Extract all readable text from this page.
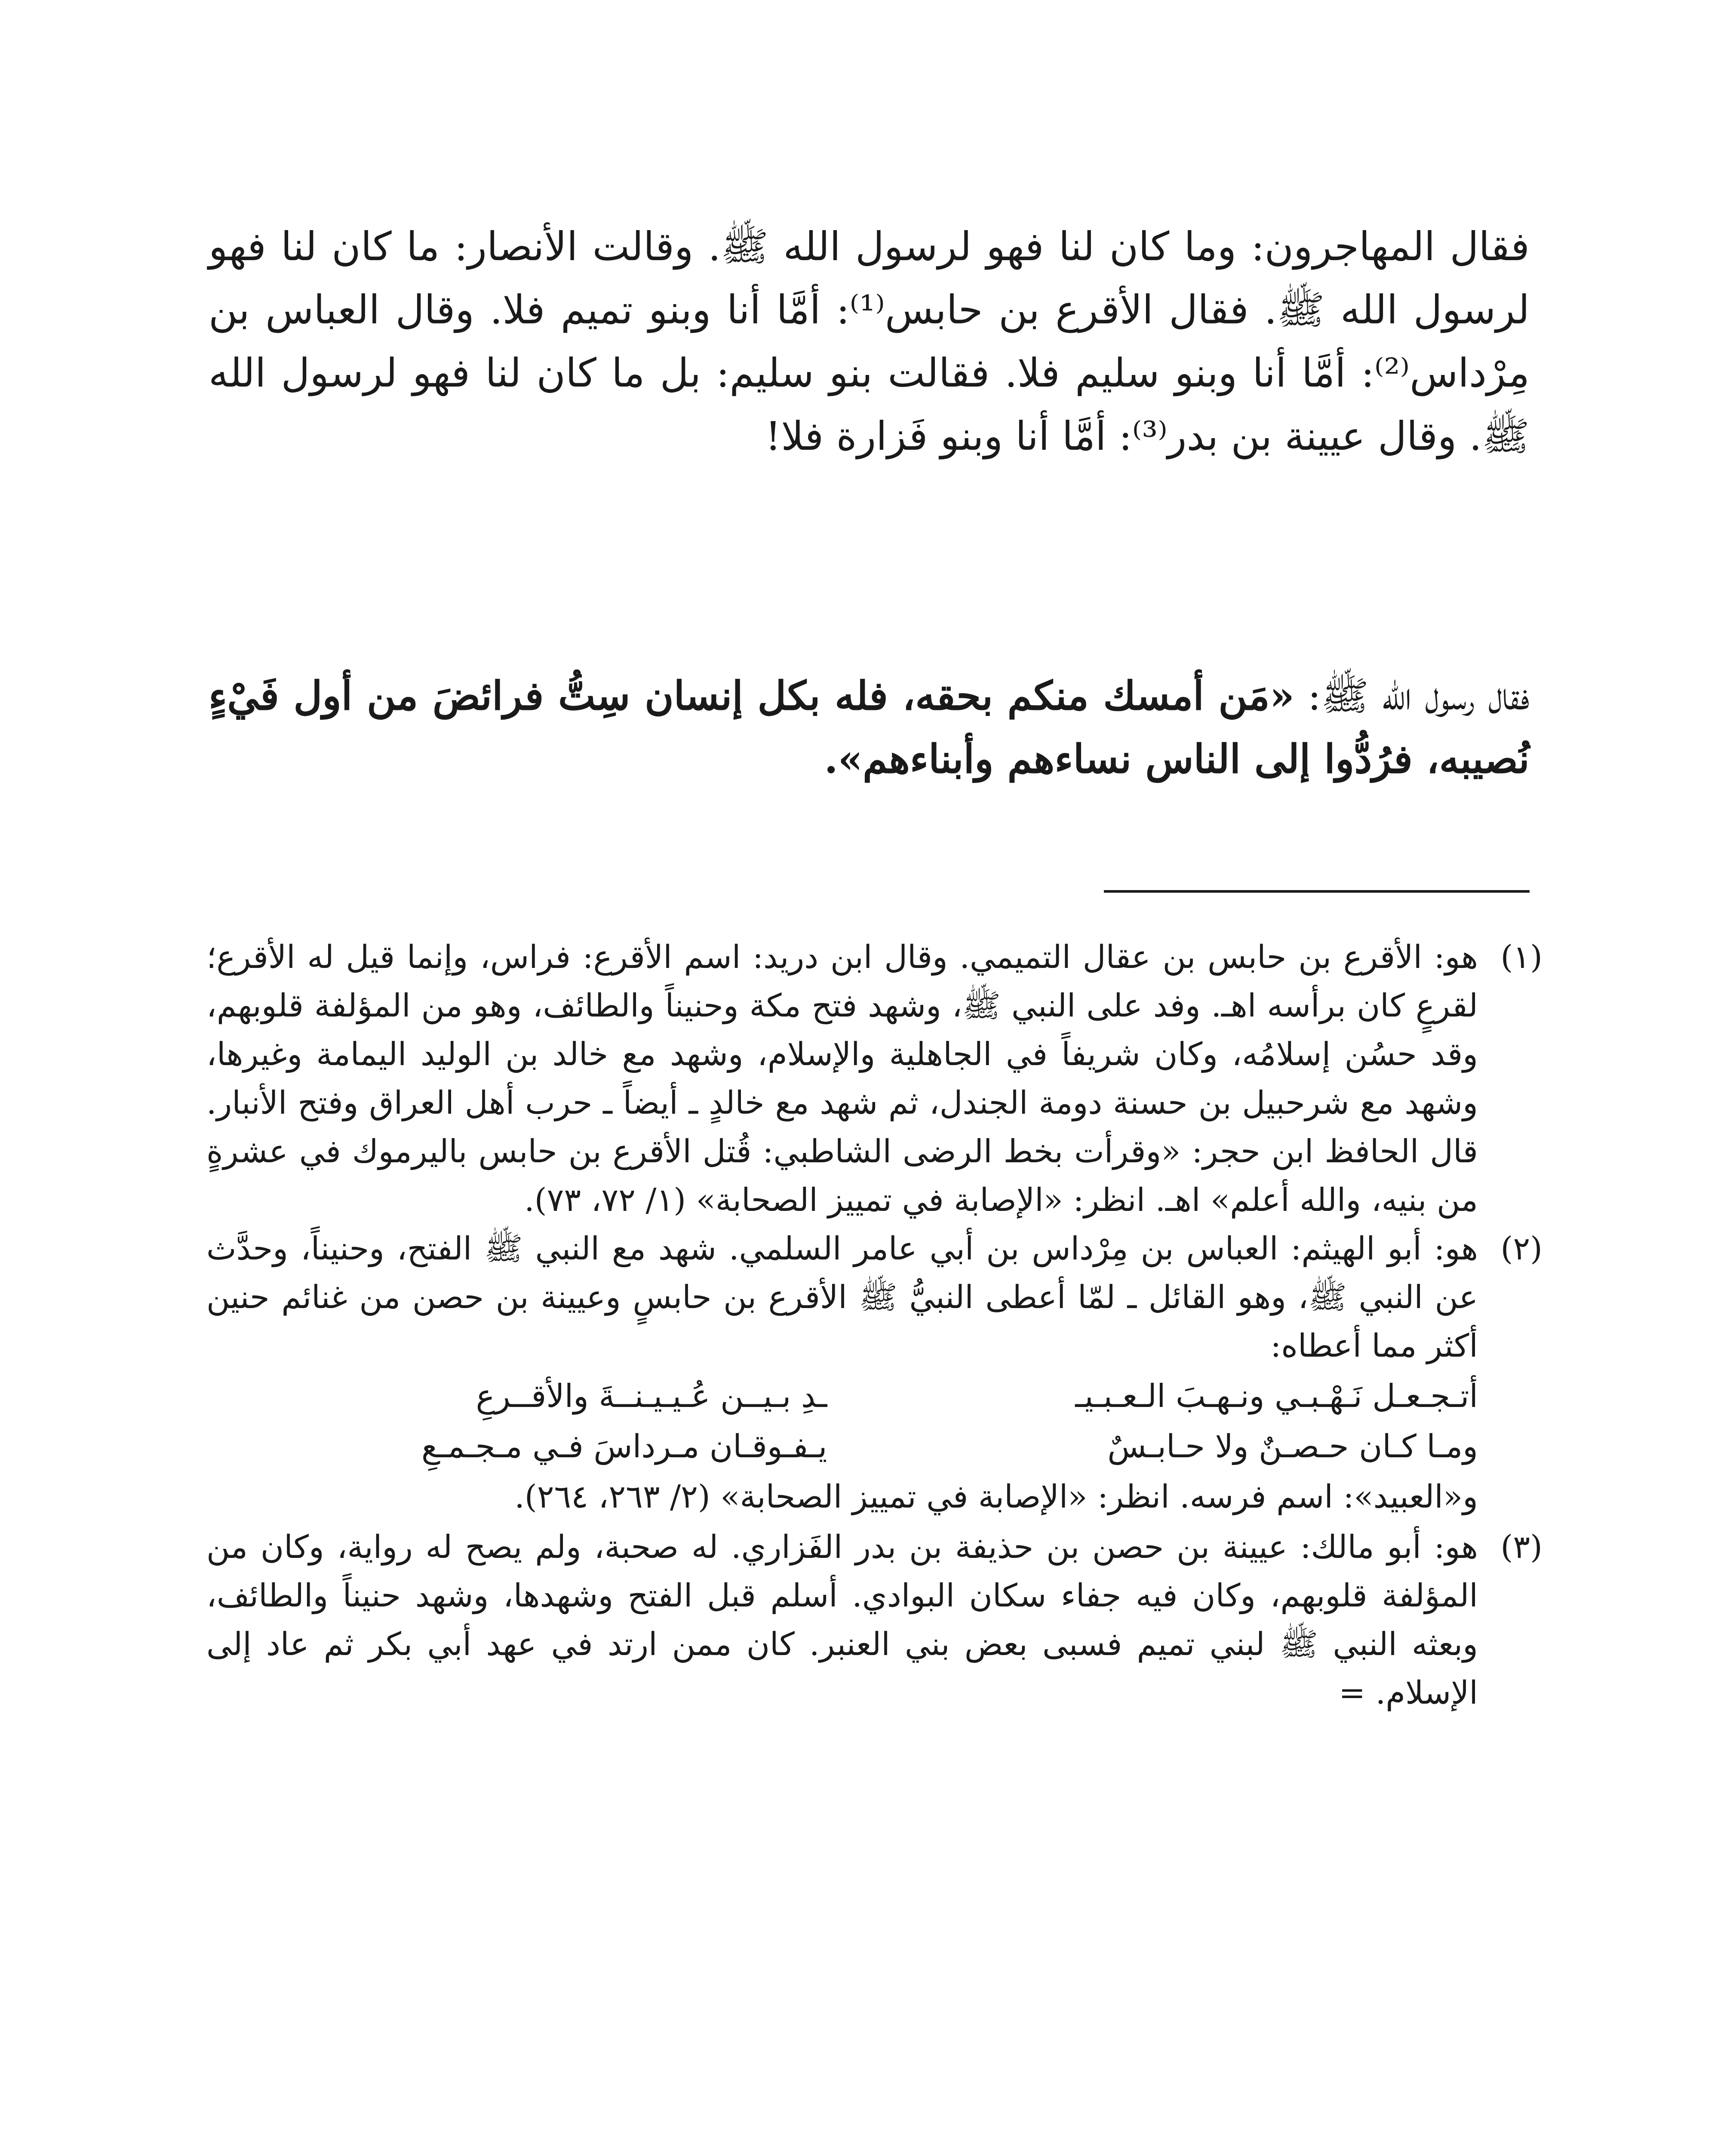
فقال المهاجرون: وما كان لنا فهو لرسول الله ﷺ. وقالت الأنصار: ما كان لنا فهو لرسول الله ﷺ. فقال الأقرع بن حابس⁽¹⁾: أمَّا أنا وبنو تميم فلا. وقال العباس بن مِرْداس⁽²⁾: أمَّا أنا وبنو سليم فلا. فقالت بنو سليم: بل ما كان لنا فهو لرسول الله ﷺ. وقال عيينة بن بدر⁽³⁾: أمَّا أنا وبنو فَزارة فلا!

فقال رسول الله ﷺ: «مَن أمسك منكم بحقه، فله بكل إنسان سِتُّ فرائضَ من أول فَيْءٍ نُصيبه، فرُدُّوا إلى الناس نساءهم وأبناءهم».

(١)
هو: الأقرع بن حابس بن عقال التميمي. وقال ابن دريد: اسم الأقرع: فراس، وإنما قيل له الأقرع؛ لقرعٍ كان برأسه اهـ. وفد على النبي ﷺ، وشهد فتح مكة وحنيناً والطائف، وهو من المؤلفة قلوبهم، وقد حسُن إسلامُه، وكان شريفاً في الجاهلية والإسلام، وشهد مع خالد بن الوليد اليمامة وغيرها، وشهد مع شرحبيل بن حسنة دومة الجندل، ثم شهد مع خالدٍ ـ أيضاً ـ حرب أهل العراق وفتح الأنبار. قال الحافظ ابن حجر: «وقرأت بخط الرضى الشاطبي: قُتل الأقرع بن حابس باليرموك في عشرةٍ من بنيه، والله أعلم» اهـ. انظر: «الإصابة في تمييز الصحابة» (١/ ٧٢، ٧٣).
(٢)
هو: أبو الهيثم: العباس بن مِرْداس بن أبي عامر السلمي. شهد مع النبي ﷺ الفتح، وحنيناً، وحدَّث عن النبي ﷺ، وهو القائل ـ لمّا أعطى النبيُّ ﷺ الأقرع بن حابسٍ وعيينة بن حصن من غنائم حنين أكثر مما أعطاه:
أتـجـعـل نَـهْـبـي ونـهـبَ الـعـبـيـ
ـدِ بـيــن عُـيـيـنــةَ والأقــرعِ
ومـا كـان حـصـنٌ ولا حـابـسٌ
يـفـوقـان مـرداسَ فـي مـجـمـعِ
و«العبيد»: اسم فرسه. انظر: «الإصابة في تمييز الصحابة» (٢/ ٢٦٣، ٢٦٤).
(٣)
هو: أبو مالك: عيينة بن حصن بن حذيفة بن بدر الفَزاري. له صحبة، ولم يصح له رواية، وكان من المؤلفة قلوبهم، وكان فيه جفاء سكان البوادي. أسلم قبل الفتح وشهدها، وشهد حنيناً والطائف، وبعثه النبي ﷺ لبني تميم فسبى بعض بني العنبر. كان ممن ارتد في عهد أبي بكر ثم عاد إلى الإسلام. =
